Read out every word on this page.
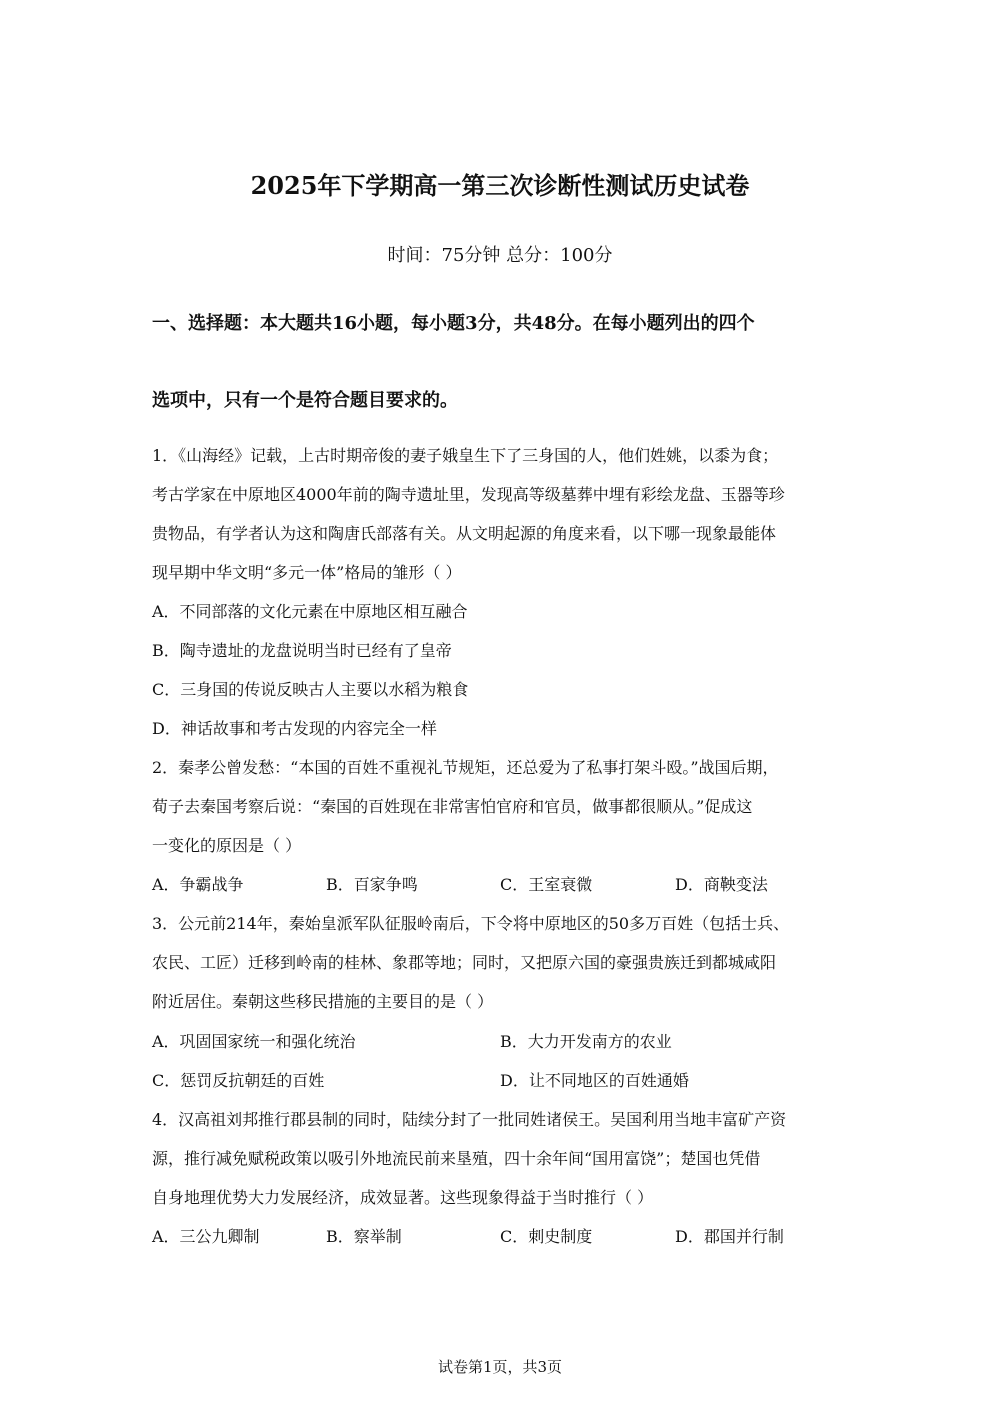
2025年下学期高一第三次诊断性测试历史试卷
时间：75分钟 总分：100分
一、选择题：本大题共16小题，每小题3分，共48分。在每小题列出的四个
选项中，只有一个是符合题目要求的。
1．《山海经》记载，上古时期帝俊的妻子娥皇生下了三身国的人，他们姓姚，以黍为食；
考古学家在中原地区4000年前的陶寺遗址里，发现高等级墓葬中埋有彩绘龙盘、玉器等珍
贵物品，有学者认为这和陶唐氏部落有关。从文明起源的角度来看，以下哪一现象最能体
现早期中华文明“多元一体”格局的雏形（ ）
A．不同部落的文化元素在中原地区相互融合
B．陶寺遗址的龙盘说明当时已经有了皇帝
C．三身国的传说反映古人主要以水稻为粮食
D．神话故事和考古发现的内容完全一样
2．秦孝公曾发愁：“本国的百姓不重视礼节规矩，还总爱为了私事打架斗殴。”战国后期，
荀子去秦国考察后说：“秦国的百姓现在非常害怕官府和官员，做事都很顺从。”促成这
一变化的原因是（ ）
A．争霸战争	B．百家争鸣	C．王室衰微	D．商鞅变法
3．公元前214年，秦始皇派军队征服岭南后，下令将中原地区的50多万百姓（包括士兵、
农民、工匠）迁移到岭南的桂林、象郡等地；同时，又把原六国的豪强贵族迁到都城咸阳
附近居住。秦朝这些移民措施的主要目的是（ ）
A．巩固国家统一和强化统治	B．大力开发南方的农业
C．惩罚反抗朝廷的百姓	D．让不同地区的百姓通婚
4．汉高祖刘邦推行郡县制的同时，陆续分封了一批同姓诸侯王。吴国利用当地丰富矿产资
源，推行减免赋税政策以吸引外地流民前来垦殖，四十余年间“国用富饶”；楚国也凭借
自身地理优势大力发展经济，成效显著。这些现象得益于当时推行（ ）
A．三公九卿制	B．察举制	C．刺史制度	D．郡国并行制
试卷第1页，共3页
